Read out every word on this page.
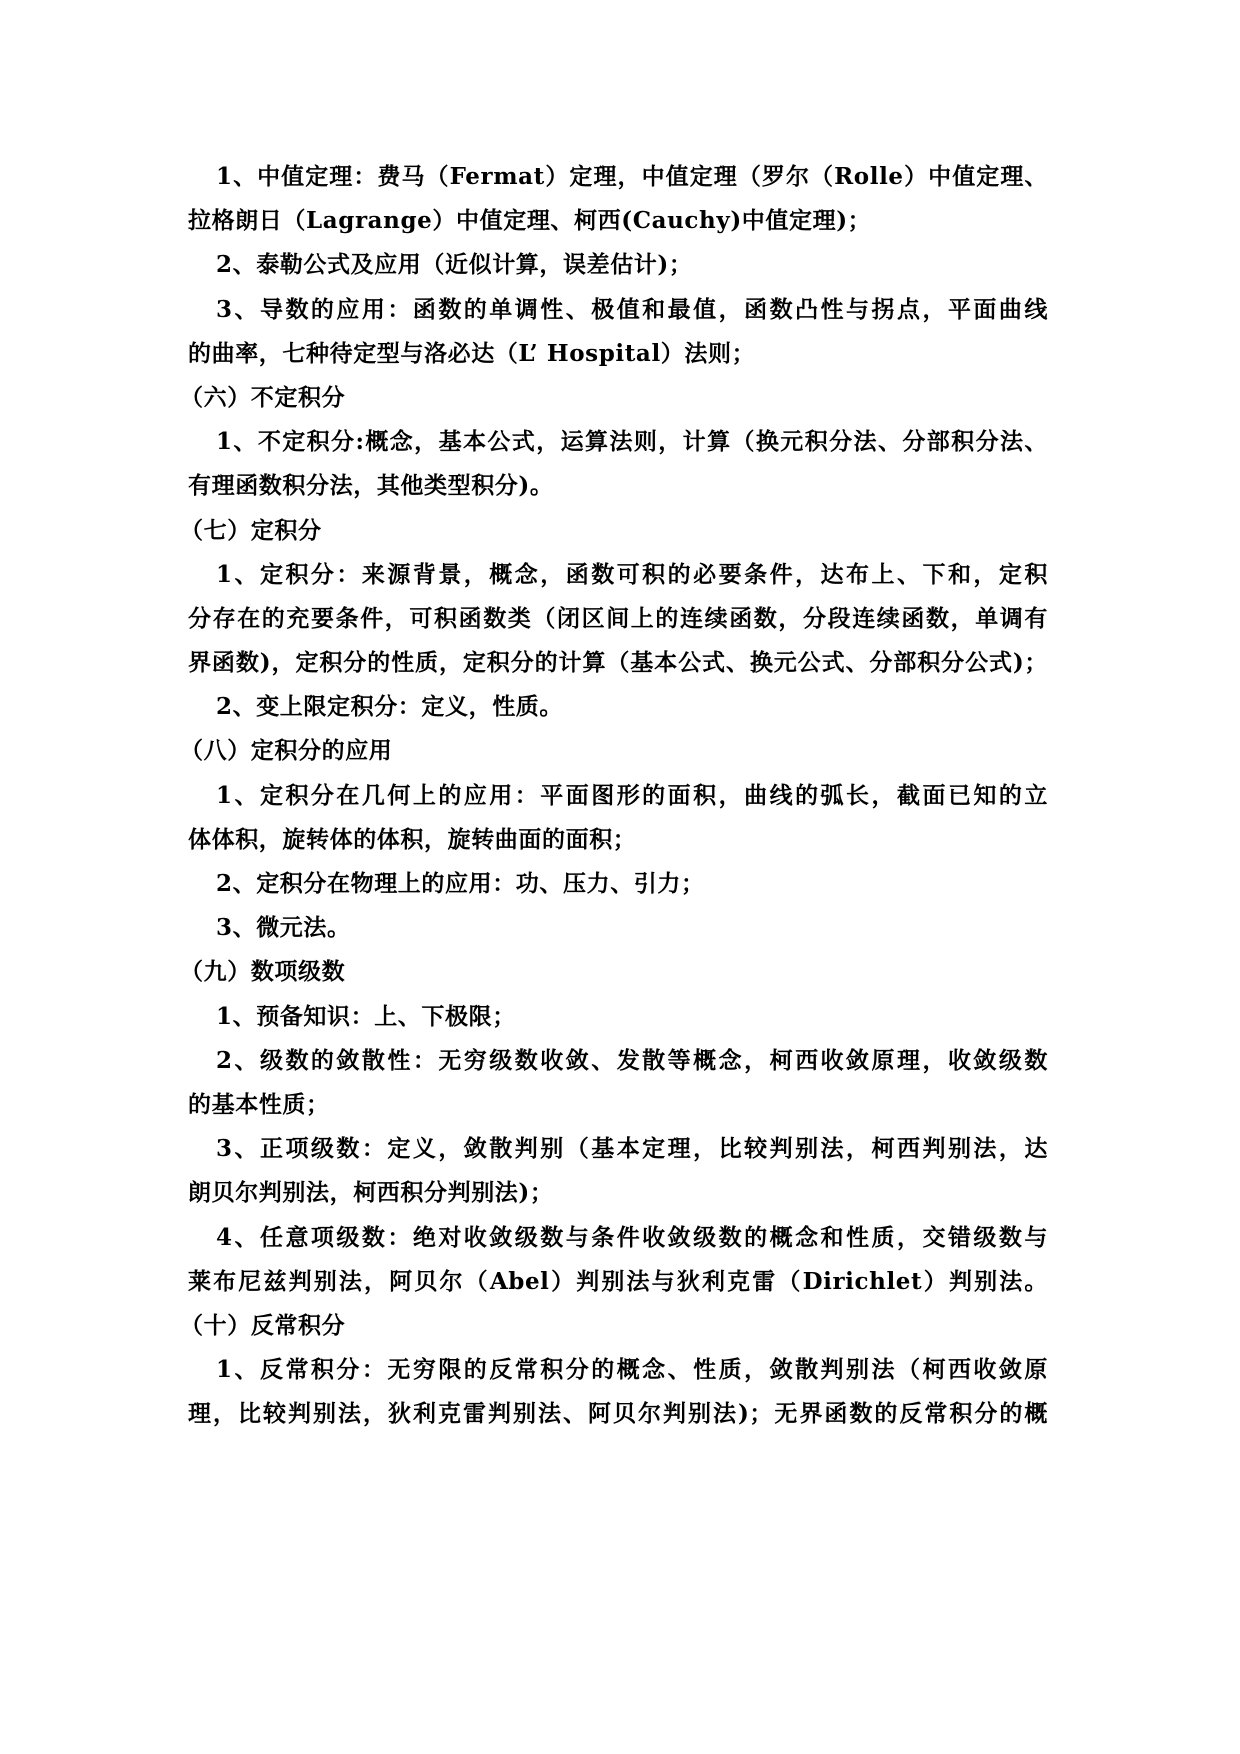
1、中值定理：费马（Fermat）定理，中值定理（罗尔（Rolle）中值定理、
拉格朗日（Lagrange）中值定理、柯西(Cauchy)中值定理)；
2、泰勒公式及应用（近似计算，误差估计)；
3、导数的应用：函数的单调性、极值和最值，函数凸性与拐点，平面曲线
的曲率，七种待定型与洛必达（L’ Hospital）法则；
（六）不定积分
1、不定积分:概念，基本公式，运算法则，计算（换元积分法、分部积分法、
有理函数积分法，其他类型积分)。
（七）定积分
1、定积分：来源背景，概念，函数可积的必要条件，达布上、下和，定积
分存在的充要条件，可积函数类（闭区间上的连续函数，分段连续函数，单调有
界函数)，定积分的性质，定积分的计算（基本公式、换元公式、分部积分公式)；
2、变上限定积分：定义，性质。
（八）定积分的应用
1、定积分在几何上的应用：平面图形的面积，曲线的弧长，截面已知的立
体体积，旋转体的体积，旋转曲面的面积；
2、定积分在物理上的应用：功、压力、引力；
3、微元法。
（九）数项级数
1、预备知识：上、下极限；
2、级数的敛散性：无穷级数收敛、发散等概念，柯西收敛原理，收敛级数
的基本性质；
3、正项级数：定义，敛散判别（基本定理，比较判别法，柯西判别法，达
朗贝尔判别法，柯西积分判别法)；
4、任意项级数：绝对收敛级数与条件收敛级数的概念和性质，交错级数与
莱布尼兹判别法，阿贝尔（Abel）判别法与狄利克雷（Dirichlet）判别法。
（十）反常积分
1、反常积分：无穷限的反常积分的概念、性质，敛散判别法（柯西收敛原
理，比较判别法，狄利克雷判别法、阿贝尔判别法)；无界函数的反常积分的概
